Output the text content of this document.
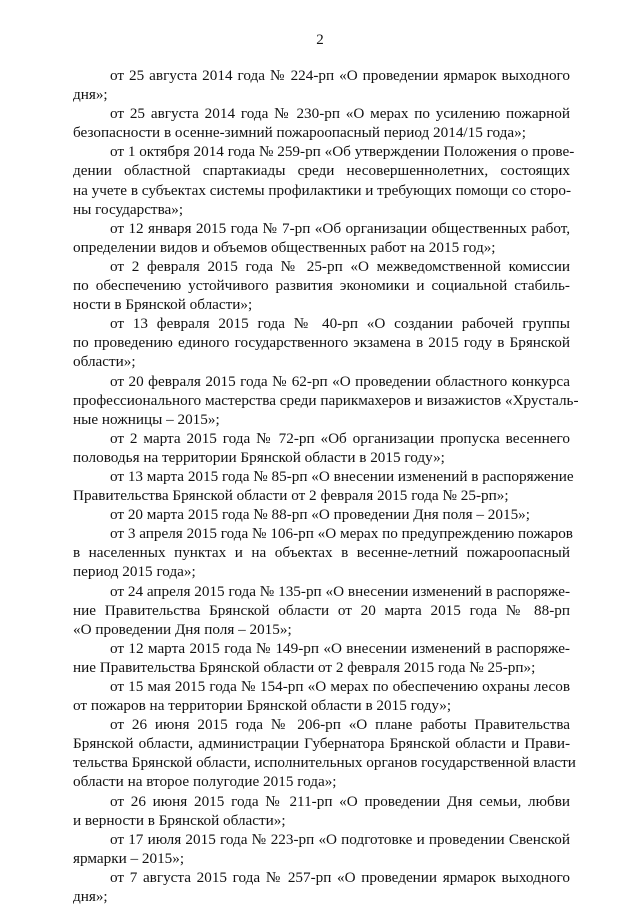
2
от 25 августа 2014 года № 224-рп «О проведении ярмарок выходного
дня»;
от 25 августа 2014 года № 230-рп «О мерах по усилению пожарной
безопасности в осенне-зимний пожароопасный период 2014/15 года»;
от 1 октября 2014 года № 259-рп «Об утверждении Положения о прове-
дении областной спартакиады среди несовершеннолетних, состоящих
на учете в субъектах системы профилактики и требующих помощи со сторо-
ны государства»;
от 12 января 2015 года № 7-рп «Об организации общественных работ,
определении видов и объемов общественных работ на 2015 год»;
от 2 февраля 2015 года № 25-рп «О межведомственной комиссии
по обеспечению устойчивого развития экономики и социальной стабиль-
ности в Брянской области»;
от 13 февраля 2015 года № 40-рп «О создании рабочей группы
по проведению единого государственного экзамена в 2015 году в Брянской
области»;
от 20 февраля 2015 года № 62-рп «О проведении областного конкурса
профессионального мастерства среди парикмахеров и визажистов «Хрусталь-
ные ножницы – 2015»;
от 2 марта 2015 года № 72-рп «Об организации пропуска весеннего
половодья на территории Брянской области в 2015 году»;
от 13 марта 2015 года № 85-рп «О внесении изменений в распоряжение
Правительства Брянской области от 2 февраля 2015 года № 25-рп»;
от 20 марта 2015 года № 88-рп «О проведении Дня поля – 2015»;
от 3 апреля 2015 года № 106-рп «О мерах по предупреждению пожаров
в населенных пунктах и на объектах в весенне-летний пожароопасный
период 2015 года»;
от 24 апреля 2015 года № 135-рп «О внесении изменений в распоряже-
ние Правительства Брянской области от 20 марта 2015 года № 88-рп
«О проведении Дня поля – 2015»;
от 12 марта 2015 года № 149-рп «О внесении изменений в распоряже-
ние Правительства Брянской области от 2 февраля 2015 года № 25-рп»;
от 15 мая 2015 года № 154-рп «О мерах по обеспечению охраны лесов
от пожаров на территории Брянской области в 2015 году»;
от 26 июня 2015 года № 206-рп «О плане работы Правительства
Брянской области, администрации Губернатора Брянской области и Прави-
тельства Брянской области, исполнительных органов государственной власти
области на второе полугодие 2015 года»;
от 26 июня 2015 года № 211-рп «О проведении Дня семьи, любви
и верности в Брянской области»;
от 17 июля 2015 года № 223-рп «О подготовке и проведении Свенской
ярмарки – 2015»;
от 7 августа 2015 года № 257-рп «О проведении ярмарок выходного
дня»;
